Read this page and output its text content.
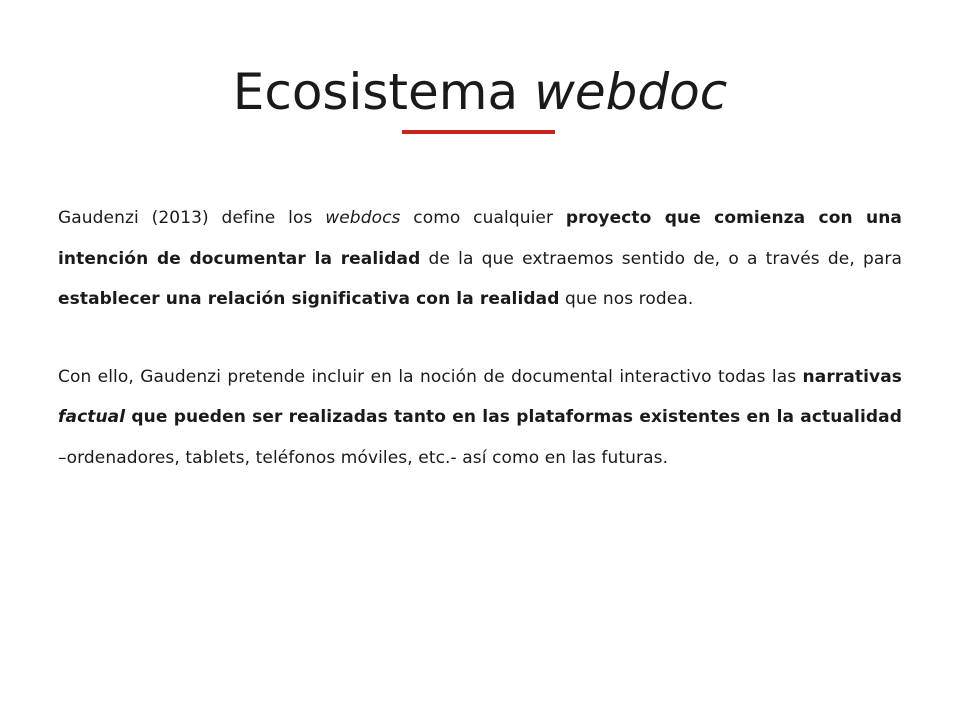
Ecosistema webdoc

Gaudenzi (2013) define los webdocs como cualquier proyecto que comienza con una intención de documentar la realidad de la que extraemos sentido de, o a través de, para establecer una relación significativa con la realidad que nos rodea.

Con ello, Gaudenzi pretende incluir en la noción de documental interactivo todas las narrativas factual que pueden ser realizadas tanto en las plataformas existentes en la actualidad –ordenadores, tablets, teléfonos móviles, etc.- así como en las futuras.
